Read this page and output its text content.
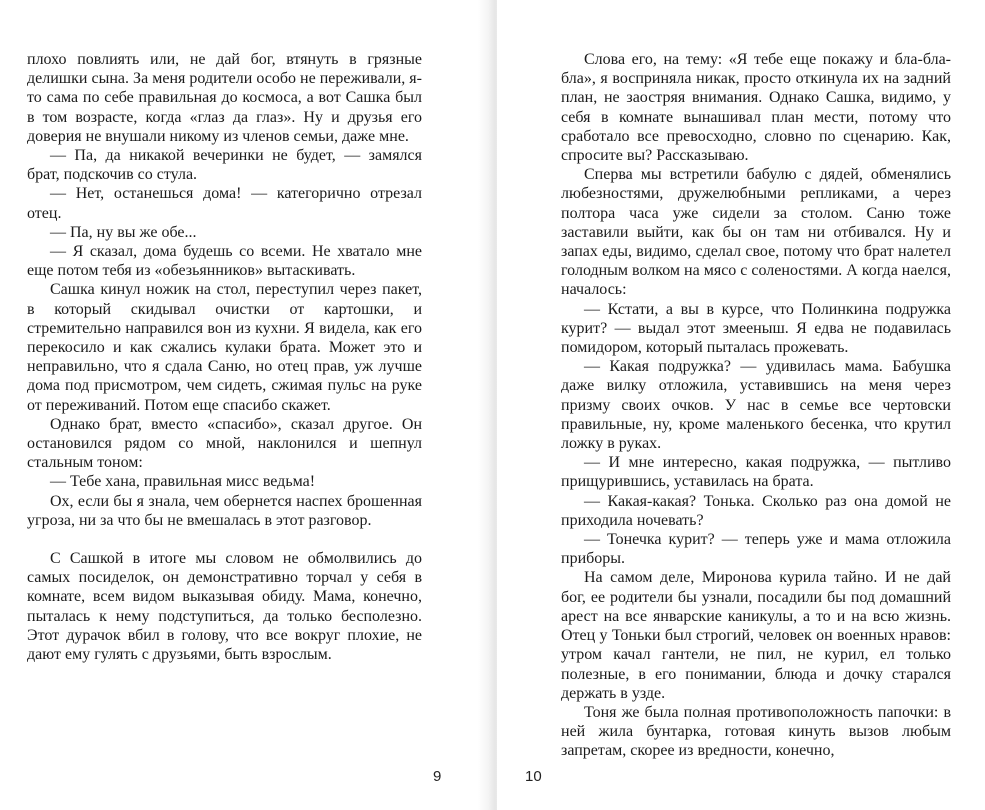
плохо повлиять или, не дай бог, втянуть в грязные делишки сына. За меня родители особо не переживали, я-то сама по себе правильная до космоса, а вот Сашка был в том возрасте, когда «глаз да глаз». Ну и друзья его доверия не внушали никому из членов семьи, даже мне.

— Па, да никакой вечеринки не будет, — замялся брат, подскочив со стула.

— Нет, останешься дома! — категорично отрезал отец.

— Па, ну вы же обе...

— Я сказал, дома будешь со всеми. Не хватало мне еще потом тебя из «обезьянников» вытаскивать.

Сашка кинул ножик на стол, переступил через пакет, в который скидывал очистки от картошки, и стремительно направился вон из кухни. Я видела, как его перекосило и как сжались кулаки брата. Может это и неправильно, что я сдала Саню, но отец прав, уж лучше дома под присмотром, чем сидеть, сжимая пульс на руке от переживаний. Потом еще спасибо скажет.

Однако брат, вместо «спасибо», сказал другое. Он остановился рядом со мной, наклонился и шепнул стальным тоном:

— Тебе хана, правильная мисс ведьма!

Ох, если бы я знала, чем обернется наспех брошенная угроза, ни за что бы не вмешалась в этот разговор.

С Сашкой в итоге мы словом не обмолвились до самых посиделок, он демонстративно торчал у себя в комнате, всем видом выказывая обиду. Мама, конечно, пыталась к нему подступиться, да только бесполезно. Этот дурачок вбил в голову, что все вокруг плохие, не дают ему гулять с друзьями, быть взрослым.

9

Слова его, на тему: «Я тебе еще покажу и бла-бла-бла», я восприняла никак, просто откинула их на задний план, не заостряя внимания. Однако Сашка, видимо, у себя в комнате вынашивал план мести, потому что сработало все превосходно, словно по сценарию. Как, спросите вы? Рассказываю.

Сперва мы встретили бабулю с дядей, обменялись любезностями, дружелюбными репликами, а через полтора часа уже сидели за столом. Саню тоже заставили выйти, как бы он там ни отбивался. Ну и запах еды, видимо, сделал свое, потому что брат налетел голодным волком на мясо с соленостями. А когда наелся, началось:

— Кстати, а вы в курсе, что Полинкина подружка курит? — выдал этот змееныш. Я едва не подавилась помидором, который пыталась прожевать.

— Какая подружка? — удивилась мама. Бабушка даже вилку отложила, уставившись на меня через призму своих очков. У нас в семье все чертовски правильные, ну, кроме маленького бесенка, что крутил ложку в руках.

— И мне интересно, какая подружка, — пытливо прищурившись, уставилась на брата.

— Какая-какая? Тонька. Сколько раз она домой не приходила ночевать?

— Тонечка курит? — теперь уже и мама отложила приборы.

На самом деле, Миронова курила тайно. И не дай бог, ее родители бы узнали, посадили бы под домашний арест на все январские каникулы, а то и на всю жизнь. Отец у Тоньки был строгий, человек он военных нравов: утром качал гантели, не пил, не курил, ел только полезные, в его понимании, блюда и дочку старался держать в узде.

Тоня же была полная противоположность папочки: в ней жила бунтарка, готовая кинуть вызов любым запретам, скорее из вредности, конечно,

10
